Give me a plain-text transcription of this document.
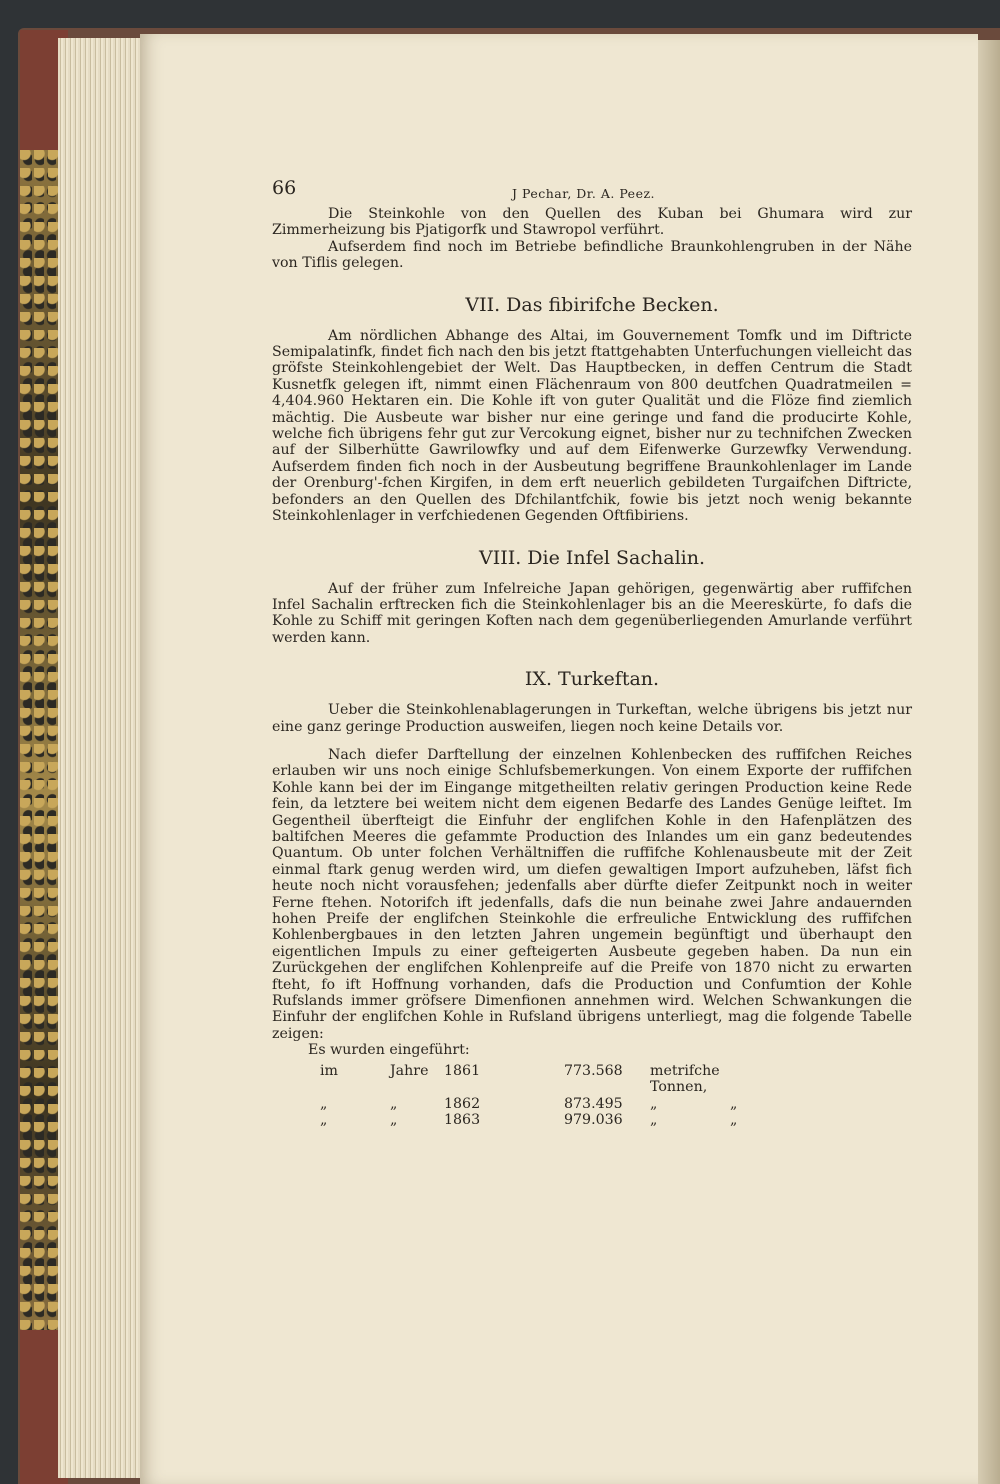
66	J Pechar, Dr. A. Peez.

Die Steinkohle von den Quellen des Kuban bei Ghumara wird zur Zimmerheizung bis Pjatigorfk und Stawropol verführt.

Aufserdem find noch im Betriebe befindliche Braunkohlengruben in der Nähe von Tiflis gelegen.

VII. Das fibirifche Becken.

Am nördlichen Abhange des Altai, im Gouvernement Tomfk und im Diftricte Semipalatinfk, findet fich nach den bis jetzt ftattgehabten Unterfuchungen vielleicht das gröfste Steinkohlengebiet der Welt. Das Hauptbecken, in deffen Centrum die Stadt Kusnetfk gelegen ift, nimmt einen Flächenraum von 800 deutfchen Quadratmeilen = 4,404.960 Hektaren ein. Die Kohle ift von guter Qualität und die Flöze find ziemlich mächtig. Die Ausbeute war bisher nur eine geringe und fand die producirte Kohle, welche fich übrigens fehr gut zur Vercokung eignet, bisher nur zu technifchen Zwecken auf der Silberhütte Gawrilowfky und auf dem Eifenwerke Gurzewfky Verwendung. Aufserdem finden fich noch in der Ausbeutung begriffene Braunkohlenlager im Lande der Orenburg'-fchen Kirgifen, in dem erft neuerlich gebildeten Turgaifchen Diftricte, befonders an den Quellen des Dfchilantfchik, fowie bis jetzt noch wenig bekannte Steinkohlenlager in verfchiedenen Gegenden Oftfibiriens.

VIII. Die Infel Sachalin.

Auf der früher zum Infelreiche Japan gehörigen, gegenwärtig aber ruffifchen Infel Sachalin erftrecken fich die Steinkohlenlager bis an die Meereskürte, fo dafs die Kohle zu Schiff mit geringen Koften nach dem gegenüberliegenden Amurlande verführt werden kann.

IX. Turkeftan.

Ueber die Steinkohlenablagerungen in Turkeftan, welche übrigens bis jetzt nur eine ganz geringe Production ausweifen, liegen noch keine Details vor.

Nach diefer Darftellung der einzelnen Kohlenbecken des ruffifchen Reiches erlauben wir uns noch einige Schlufsbemerkungen. Von einem Exporte der ruffifchen Kohle kann bei der im Eingange mitgetheilten relativ geringen Production keine Rede fein, da letztere bei weitem nicht dem eigenen Bedarfe des Landes Genüge leiftet. Im Gegentheil überfteigt die Einfuhr der englifchen Kohle in den Hafenplätzen des baltifchen Meeres die gefammte Production des Inlandes um ein ganz bedeutendes Quantum. Ob unter folchen Verhältniffen die ruffifche Kohlenausbeute mit der Zeit einmal ftark genug werden wird, um diefen gewaltigen Import aufzuheben, läfst fich heute noch nicht vorausfehen; jedenfalls aber dürfte diefer Zeitpunkt noch in weiter Ferne ftehen. Notorifch ift jedenfalls, dafs die nun beinahe zwei Jahre andauernden hohen Preife der englifchen Steinkohle die erfreuliche Entwicklung des ruffifchen Kohlenbergbaues in den letzten Jahren ungemein begünftigt und überhaupt den eigentlichen Impuls zu einer gefteigerten Ausbeute gegeben haben. Da nun ein Zurückgehen der englifchen Kohlenpreife auf die Preife von 1870 nicht zu erwarten fteht, fo ift Hoffnung vorhanden, dafs die Production und Confumtion der Kohle Rufslands immer gröfsere Dimenfionen annehmen wird. Welchen Schwankungen die Einfuhr der englifchen Kohle in Rufsland übrigens unterliegt, mag die folgende Tabelle zeigen:

Es wurden eingeführt:

im	Jahre	1861	773.568	metrifche Tonnen,
„	„	1862	873.495	„	„
„	„	1863	979.036	„	„
